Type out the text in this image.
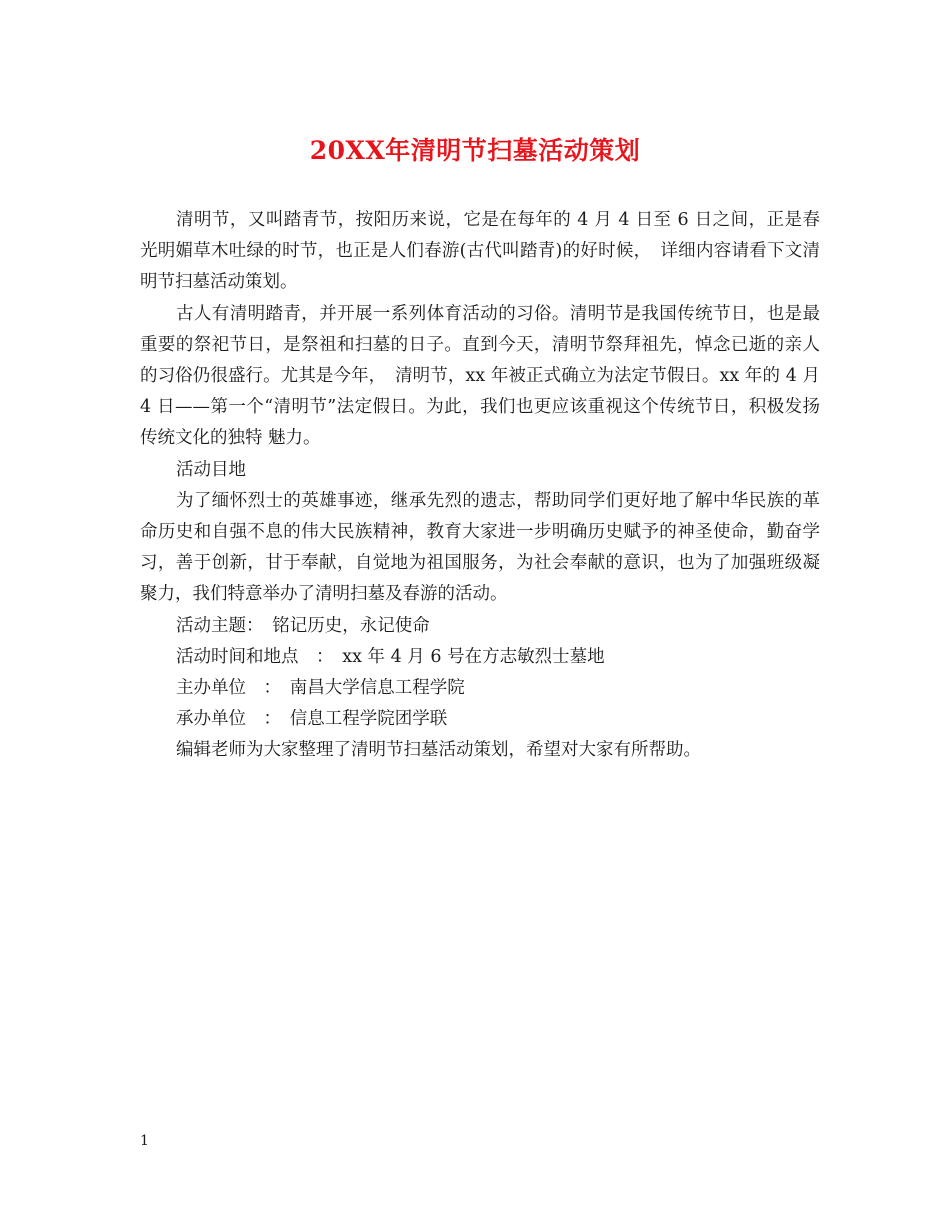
20XX年清明节扫墓活动策划

清明节，又叫踏青节，按阳历来说，它是在每年的 4 月 4 日至 6 日之间，正是春光明媚草木吐绿的时节，也正是人们春游(古代叫踏青)的好时候，　详细内容请看下文清明节扫墓活动策划。

古人有清明踏青，并开展一系列体育活动的习俗。清明节是我国传统节日，也是最重要的祭祀节日，是祭祖和扫墓的日子。直到今天，清明节祭拜祖先，悼念已逝的亲人的习俗仍很盛行。尤其是今年，　清明节，xx 年被正式确立为法定节假日。xx 年的 4 月 4 日——第一个“清明节”法定假日。为此，我们也更应该重视这个传统节日，积极发扬传统文化的独特 魅力。

活动目地

为了缅怀烈士的英雄事迹，继承先烈的遗志，帮助同学们更好地了解中华民族的革命历史和自强不息的伟大民族精神，教育大家进一步明确历史赋予的神圣使命，勤奋学习，善于创新，甘于奉献，自觉地为祖国服务，为社会奉献的意识，也为了加强班级凝聚力，我们特意举办了清明扫墓及春游的活动。

活动主题：　铭记历史，永记使命

活动时间和地点　：　xx 年 4 月 6 号在方志敏烈士墓地

主办单位　：　南昌大学信息工程学院

承办单位　：　信息工程学院团学联

编辑老师为大家整理了清明节扫墓活动策划，希望对大家有所帮助。

1
